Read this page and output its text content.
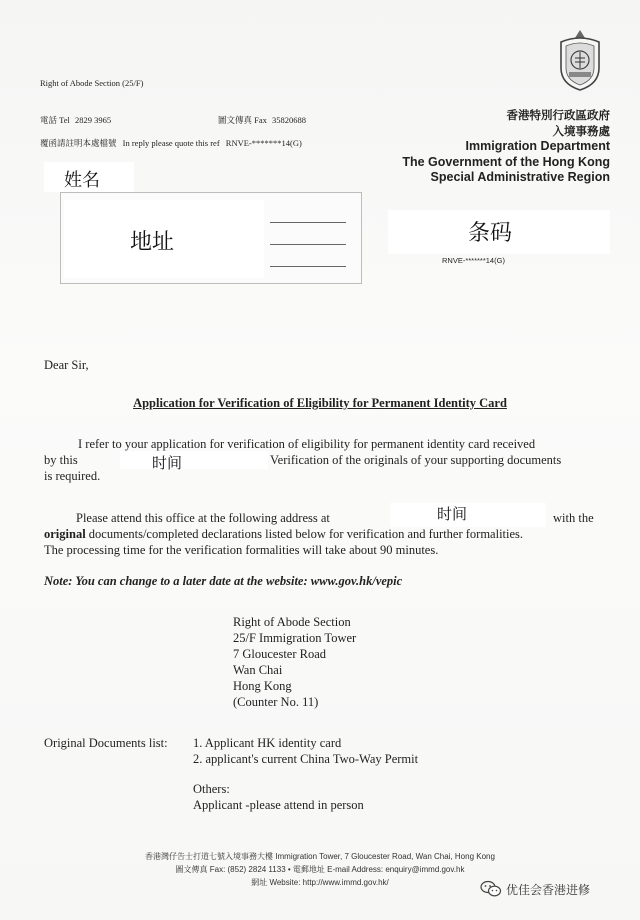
Right of Abode Section (25/F)
電話 Tel 2829 3965	圖文傳真 Fax 35820688
覆函請註明本處檔號 In reply please quote this ref RNVE-*******14(G)
香港特別行政區政府
入境事務處
Immigration Department
The Government of the Hong Kong
Special Administrative Region
姓名
地址	条码
RNVE-*******14(G)
Dear Sir,
Application for Verification of Eligibility for Permanent Identity Card
I refer to your application for verification of eligibility for permanent identity card received
by this	时间	Verification of the originals of your supporting documents
is required.
Please attend this office at the following address at	时间	with the
original documents/completed declarations listed below for verification and further formalities.
The processing time for the verification formalities will take about 90 minutes.
Note: You can change to a later date at the website: www.gov.hk/vepic
Right of Abode Section
25/F Immigration Tower
7 Gloucester Road
Wan Chai
Hong Kong
(Counter No. 11)
Original Documents list: 1. Applicant HK identity card
2. applicant's current China Two-Way Permit
Others:
Applicant -please attend in person
香港灣仔告士打道七號入境事務大樓 Immigration Tower, 7 Gloucester Road, Wan Chai, Hong Kong
圖文傳真 Fax: (852) 2824 1133 • 電郵地址 E-mail Address: enquiry@immd.gov.hk
網址 Website: http://www.immd.gov.hk/	优佳会香港进修
